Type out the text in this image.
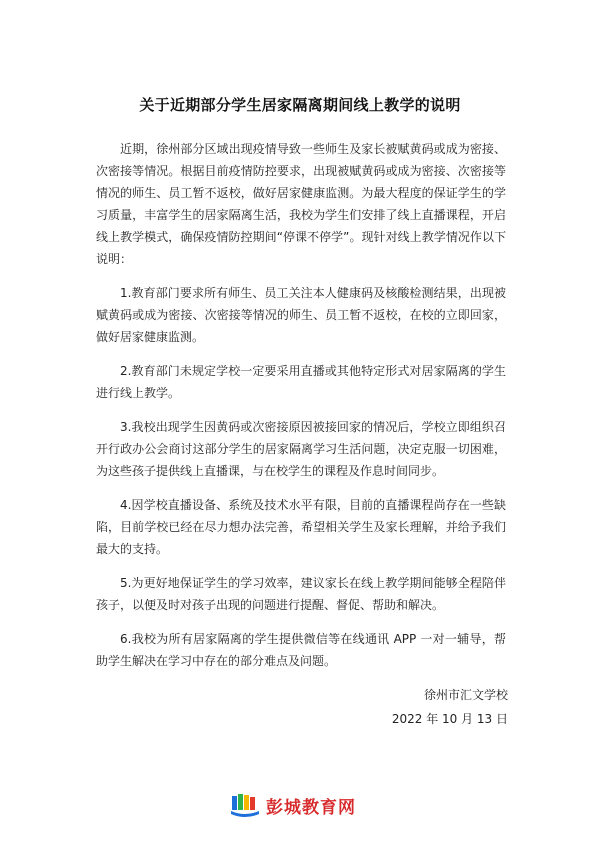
关于近期部分学生居家隔离期间线上教学的说明

近期，徐州部分区域出现疫情导致一些师生及家长被赋黄码或成为密接、次密接等情况。根据目前疫情防控要求，出现被赋黄码或成为密接、次密接等情况的师生、员工暂不返校，做好居家健康监测。为最大程度的保证学生的学习质量，丰富学生的居家隔离生活，我校为学生们安排了线上直播课程，开启线上教学模式，确保疫情防控期间“停课不停学”。现针对线上教学情况作以下说明：

1.教育部门要求所有师生、员工关注本人健康码及核酸检测结果，出现被赋黄码或成为密接、次密接等情况的师生、员工暂不返校，在校的立即回家，做好居家健康监测。

2.教育部门未规定学校一定要采用直播或其他特定形式对居家隔离的学生进行线上教学。

3.我校出现学生因黄码或次密接原因被接回家的情况后，学校立即组织召开行政办公会商讨这部分学生的居家隔离学习生活问题，决定克服一切困难，为这些孩子提供线上直播课，与在校学生的课程及作息时间同步。

4.因学校直播设备、系统及技术水平有限，目前的直播课程尚存在一些缺陷，目前学校已经在尽力想办法完善，希望相关学生及家长理解，并给予我们最大的支持。

5.为更好地保证学生的学习效率，建议家长在线上教学期间能够全程陪伴孩子，以便及时对孩子出现的问题进行提醒、督促、帮助和解决。

6.我校为所有居家隔离的学生提供微信等在线通讯 APP 一对一辅导，帮助学生解决在学习中存在的部分难点及问题。

徐州市汇文学校
2022 年 10 月 13 日
彭城教育网
